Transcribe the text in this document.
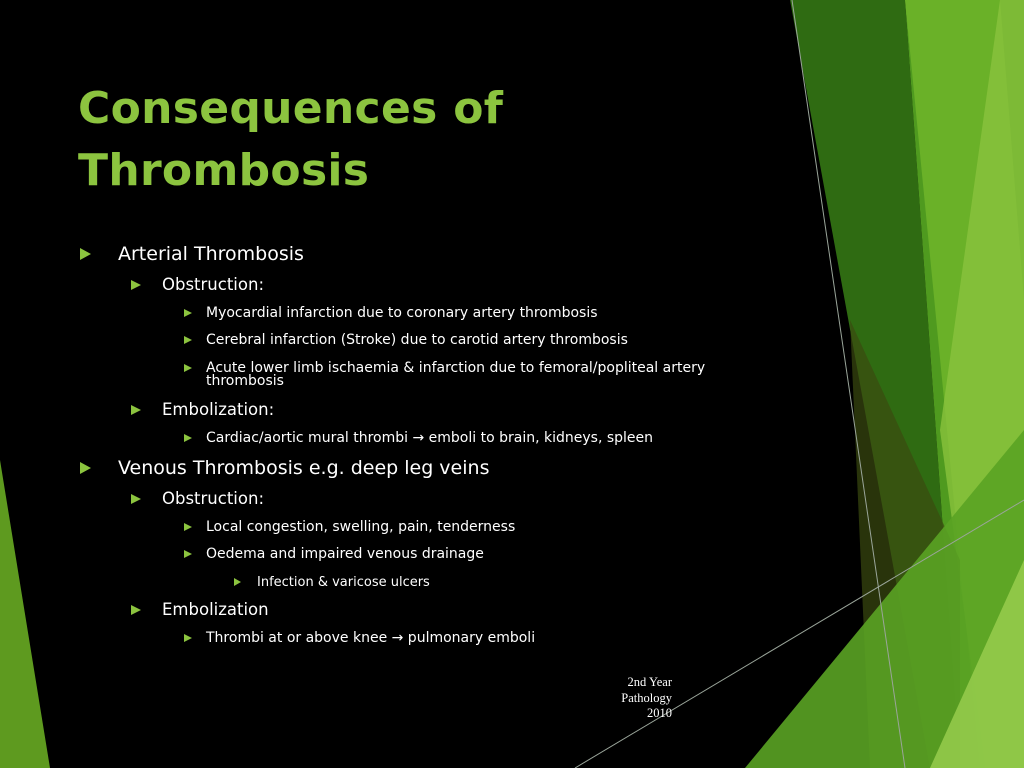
Consequences of
Thrombosis
Arterial Thrombosis
Obstruction:
Myocardial infarction due to coronary artery thrombosis
Cerebral infarction (Stroke) due to carotid artery thrombosis
Acute lower limb ischaemia & infarction due to femoral/popliteal artery
thrombosis
Embolization:
Cardiac/aortic mural thrombi → emboli to brain, kidneys, spleen
Venous Thrombosis e.g. deep leg veins
Obstruction:
Local congestion, swelling, pain, tenderness
Oedema and impaired venous drainage
Infection & varicose ulcers
Embolization
Thrombi at or above knee → pulmonary emboli
2nd Year
Pathology
2010
